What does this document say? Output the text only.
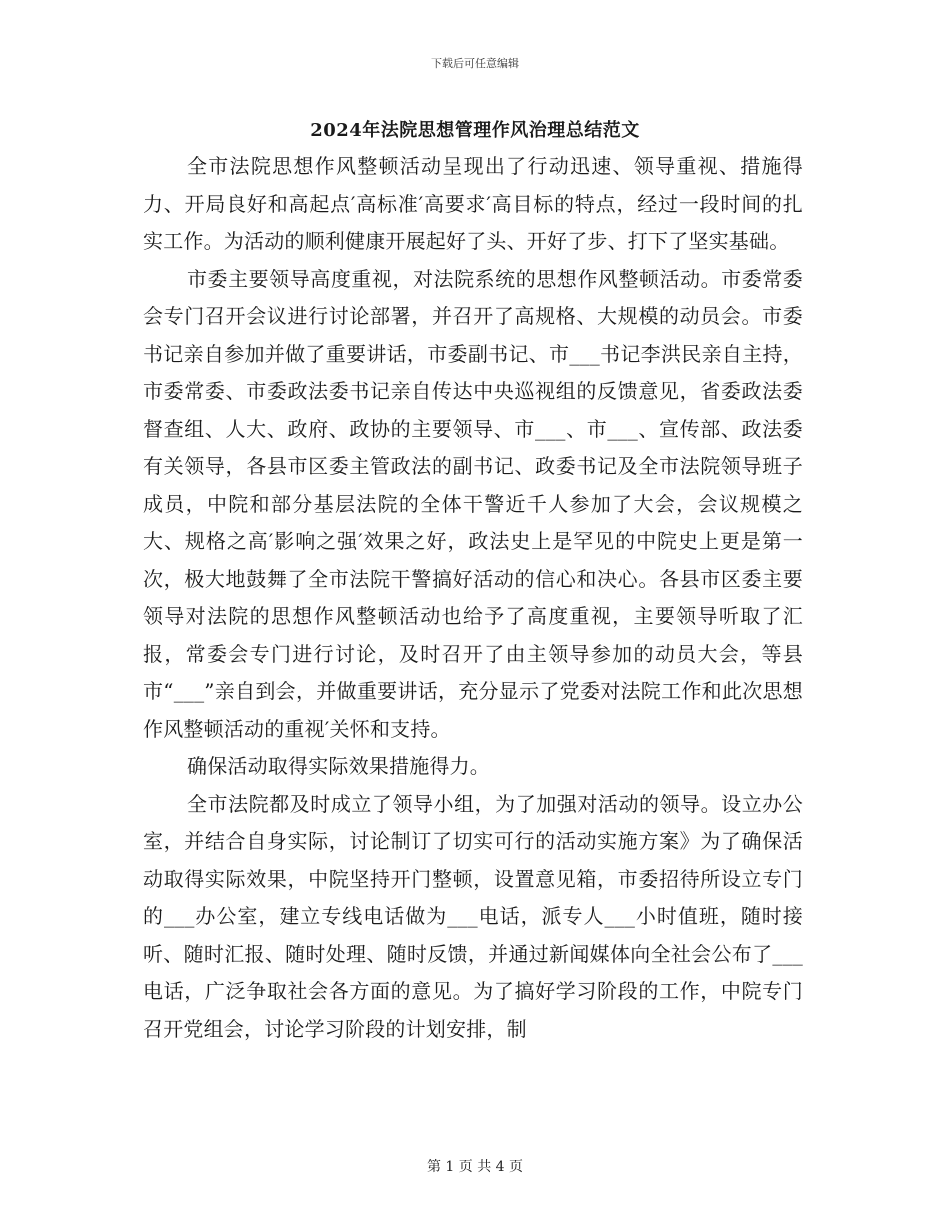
下载后可任意编辑
2024年法院思想管理作风治理总结范文

全市法院思想作风整顿活动呈现出了行动迅速、领导重视、措施得力、开局良好和高起点′高标准′高要求′高目标的特点，经过一段时间的扎实工作。为活动的顺利健康开展起好了头、开好了步、打下了坚实基础。

市委主要领导高度重视，对法院系统的思想作风整顿活动。市委常委会专门召开会议进行讨论部署，并召开了高规格、大规模的动员会。市委书记亲自参加并做了重要讲话，市委副书记、市___书记李洪民亲自主持，市委常委、市委政法委书记亲自传达中央巡视组的反馈意见，省委政法委督查组、人大、政府、政协的主要领导、市___、市___、宣传部、政法委有关领导，各县市区委主管政法的副书记、政委书记及全市法院领导班子成员，中院和部分基层法院的全体干警近千人参加了大会，会议规模之大、规格之高′影响之强′效果之好，政法史上是罕见的中院史上更是第一次，极大地鼓舞了全市法院干警搞好活动的信心和决心。各县市区委主要领导对法院的思想作风整顿活动也给予了高度重视，主要领导听取了汇报，常委会专门进行讨论，及时召开了由主领导参加的动员大会，等县市“___”亲自到会，并做重要讲话，充分显示了党委对法院工作和此次思想作风整顿活动的重视′关怀和支持。

确保活动取得实际效果措施得力。

全市法院都及时成立了领导小组，为了加强对活动的领导。设立办公室，并结合自身实际，讨论制订了切实可行的活动实施方案》为了确保活动取得实际效果，中院坚持开门整顿，设置意见箱，市委招待所设立专门的___办公室，建立专线电话做为___电话，派专人___小时值班，随时接听、随时汇报、随时处理、随时反馈，并通过新闻媒体向全社会公布了___电话，广泛争取社会各方面的意见。为了搞好学习阶段的工作，中院专门召开党组会，讨论学习阶段的计划安排，制

第 1 页 共 4 页
